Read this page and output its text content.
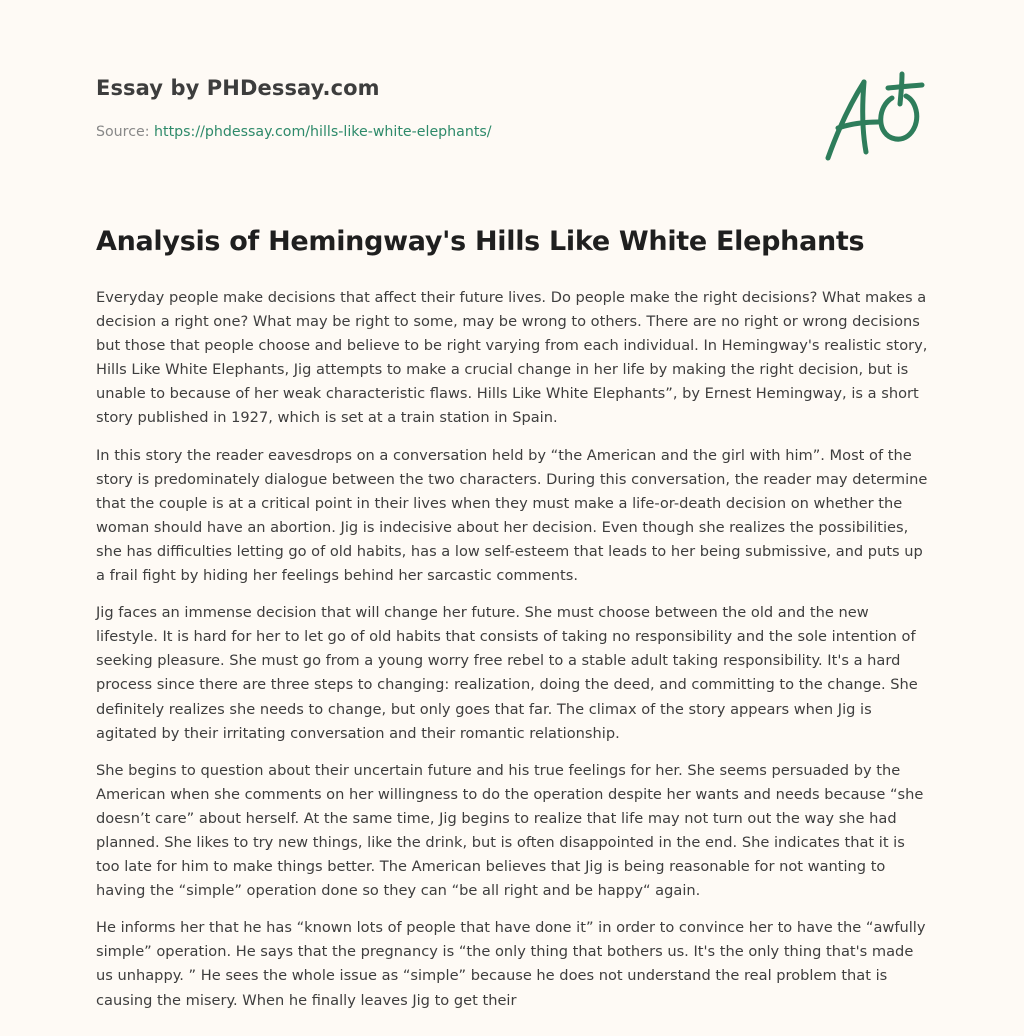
Essay by PHDessay.com
Source: https://phdessay.com/hills-like-white-elephants/
Analysis of Hemingway's Hills Like White Elephants

Everyday people make decisions that affect their future lives. Do people make the right decisions? What makes a decision a right one? What may be right to some, may be wrong to others. There are no right or wrong decisions but those that people choose and believe to be right varying from each individual. In Hemingway's realistic story, Hills Like White Elephants, Jig attempts to make a crucial change in her life by making the right decision, but is unable to because of her weak characteristic flaws. Hills Like White Elephants”, by Ernest Hemingway, is a short story published in 1927, which is set at a train station in Spain.

In this story the reader eavesdrops on a conversation held by “the American and the girl with him”. Most of the story is predominately dialogue between the two characters. During this conversation, the reader may determine that the couple is at a critical point in their lives when they must make a life-or-death decision on whether the woman should have an abortion. Jig is indecisive about her decision. Even though she realizes the possibilities, she has difficulties letting go of old habits, has a low self-esteem that leads to her being submissive, and puts up a frail fight by hiding her feelings behind her sarcastic comments.

Jig faces an immense decision that will change her future. She must choose between the old and the new lifestyle. It is hard for her to let go of old habits that consists of taking no responsibility and the sole intention of seeking pleasure. She must go from a young worry free rebel to a stable adult taking responsibility. It's a hard process since there are three steps to changing: realization, doing the deed, and committing to the change. She definitely realizes she needs to change, but only goes that far. The climax of the story appears when Jig is agitated by their irritating conversation and their romantic relationship.

She begins to question about their uncertain future and his true feelings for her. She seems persuaded by the American when she comments on her willingness to do the operation despite her wants and needs because “she doesn’t care” about herself. At the same time, Jig begins to realize that life may not turn out the way she had planned. She likes to try new things, like the drink, but is often disappointed in the end. She indicates that it is too late for him to make things better. The American believes that Jig is being reasonable for not wanting to having the “simple” operation done so they can “be all right and be happy“ again.

He informs her that he has “known lots of people that have done it” in order to convince her to have the “awfully simple” operation. He says that the pregnancy is “the only thing that bothers us. It's the only thing that's made us unhappy. ” He sees the whole issue as “simple” because he does not understand the real problem that is causing the misery. When he finally leaves Jig to get their
